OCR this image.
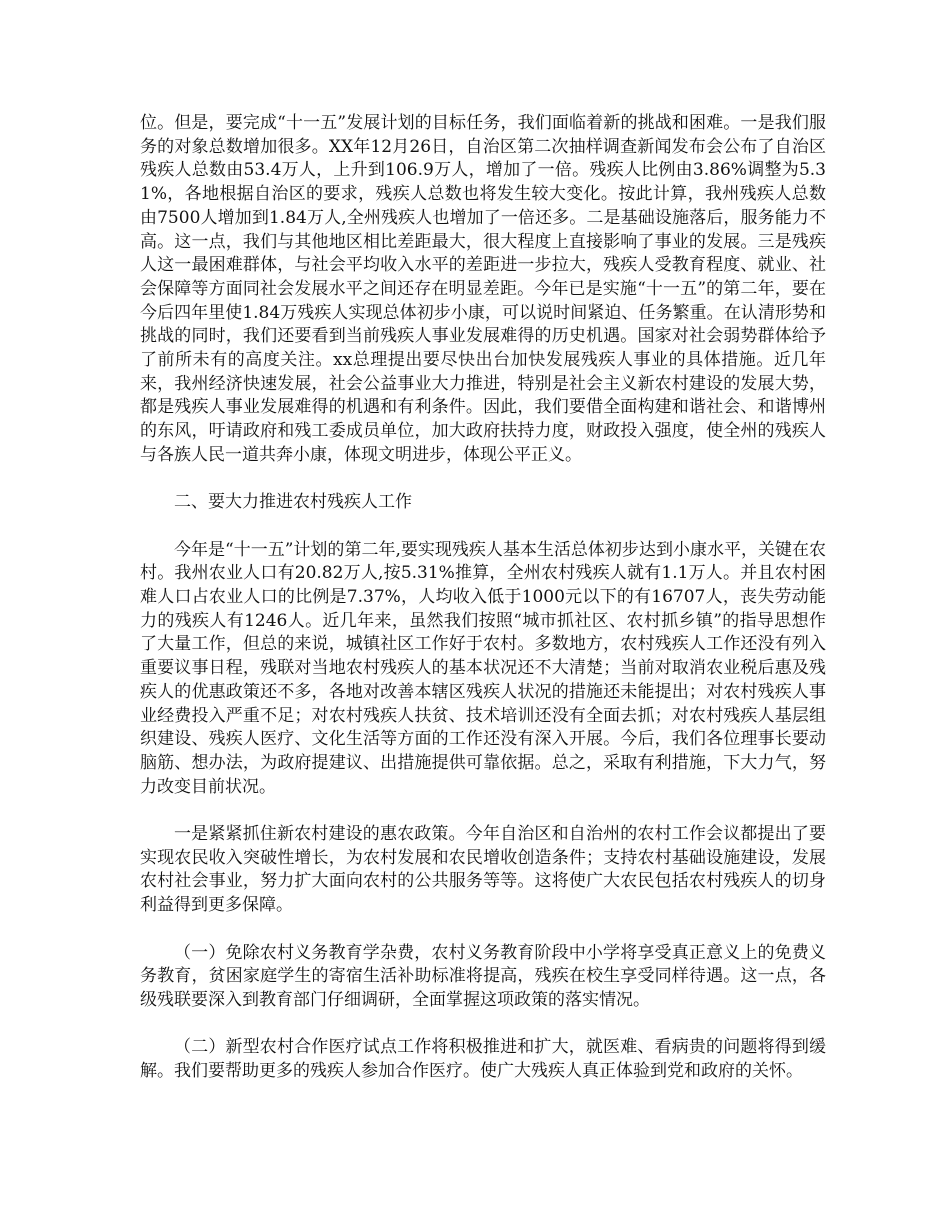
位。但是，要完成“十一五”发展计划的目标任务，我们面临着新的挑战和困难。一是我们服务的对象总数增加很多。XX年12月26日，自治区第二次抽样调查新闻发布会公布了自治区残疾人总数由53.4万人，上升到106.9万人，增加了一倍。残疾人比例由3.86%调整为5.31%，各地根据自治区的要求，残疾人总数也将发生较大变化。按此计算，我州残疾人总数由7500人增加到1.84万人,全州残疾人也增加了一倍还多。二是基础设施落后，服务能力不高。这一点，我们与其他地区相比差距最大，很大程度上直接影响了事业的发展。三是残疾人这一最困难群体，与社会平均收入水平的差距进一步拉大，残疾人受教育程度、就业、社会保障等方面同社会发展水平之间还存在明显差距。今年已是实施“十一五”的第二年，要在今后四年里使1.84万残疾人实现总体初步小康，可以说时间紧迫、任务繁重。在认清形势和挑战的同时，我们还要看到当前残疾人事业发展难得的历史机遇。国家对社会弱势群体给予了前所未有的高度关注。xx总理提出要尽快出台加快发展残疾人事业的具体措施。近几年来，我州经济快速发展，社会公益事业大力推进，特别是社会主义新农村建设的发展大势，都是残疾人事业发展难得的机遇和有利条件。因此，我们要借全面构建和谐社会、和谐博州的东风，吁请政府和残工委成员单位，加大政府扶持力度，财政投入强度，使全州的残疾人与各族人民一道共奔小康，体现文明进步，体现公平正义。

二、要大力推进农村残疾人工作

今年是“十一五”计划的第二年,要实现残疾人基本生活总体初步达到小康水平，关键在农村。我州农业人口有20.82万人,按5.31%推算，全州农村残疾人就有1.1万人。并且农村困难人口占农业人口的比例是7.37%，人均收入低于1000元以下的有16707人，丧失劳动能力的残疾人有1246人。近几年来，虽然我们按照“城市抓社区、农村抓乡镇”的指导思想作了大量工作，但总的来说，城镇社区工作好于农村。多数地方，农村残疾人工作还没有列入重要议事日程，残联对当地农村残疾人的基本状况还不大清楚；当前对取消农业税后惠及残疾人的优惠政策还不多，各地对改善本辖区残疾人状况的措施还未能提出；对农村残疾人事业经费投入严重不足；对农村残疾人扶贫、技术培训还没有全面去抓；对农村残疾人基层组织建设、残疾人医疗、文化生活等方面的工作还没有深入开展。今后，我们各位理事长要动脑筋、想办法，为政府提建议、出措施提供可靠依据。总之，采取有利措施，下大力气，努力改变目前状况。

一是紧紧抓住新农村建设的惠农政策。今年自治区和自治州的农村工作会议都提出了要实现农民收入突破性增长，为农村发展和农民增收创造条件；支持农村基础设施建设，发展农村社会事业，努力扩大面向农村的公共服务等等。这将使广大农民包括农村残疾人的切身利益得到更多保障。

（一）免除农村义务教育学杂费，农村义务教育阶段中小学将享受真正意义上的免费义务教育，贫困家庭学生的寄宿生活补助标准将提高，残疾在校生享受同样待遇。这一点，各级残联要深入到教育部门仔细调研，全面掌握这项政策的落实情况。

（二）新型农村合作医疗试点工作将积极推进和扩大，就医难、看病贵的问题将得到缓解。我们要帮助更多的残疾人参加合作医疗。使广大残疾人真正体验到党和政府的关怀。
